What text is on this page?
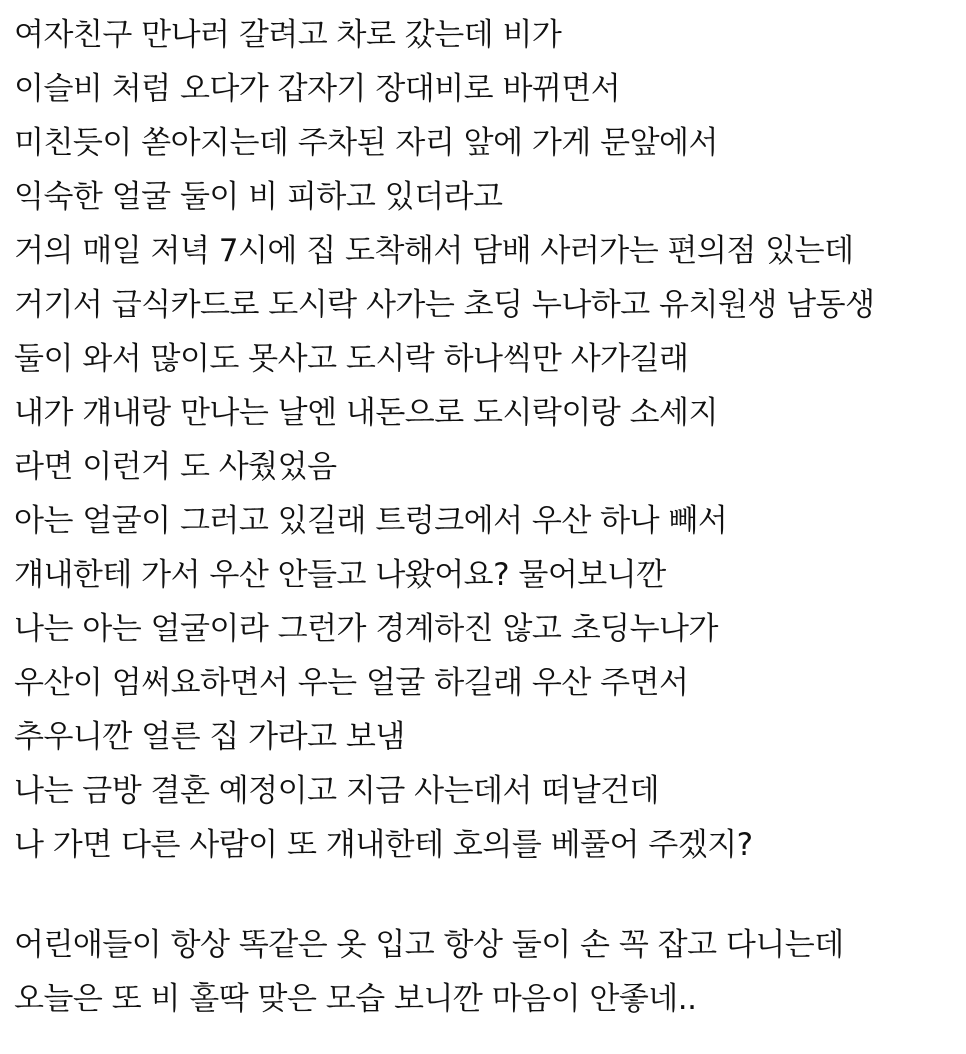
여자친구 만나러 갈려고 차로 갔는데 비가
이슬비 처럼 오다가 갑자기 장대비로 바뀌면서
미친듯이 쏟아지는데 주차된 자리 앞에 가게 문앞에서
익숙한 얼굴 둘이 비 피하고 있더라고
거의 매일 저녁 7시에 집 도착해서 담배 사러가는 편의점 있는데
거기서 급식카드로 도시락 사가는 초딩 누나하고 유치원생 남동생
둘이 와서 많이도 못사고 도시락 하나씩만 사가길래
내가 걔내랑 만나는 날엔 내돈으로 도시락이랑 소세지
라면 이런거 도 사줬었음
아는 얼굴이 그러고 있길래 트렁크에서 우산 하나 빼서
걔내한테 가서 우산 안들고 나왔어요? 물어보니깐
나는 아는 얼굴이라 그런가 경계하진 않고 초딩누나가
우산이 엄써요하면서 우는 얼굴 하길래 우산 주면서
추우니깐 얼른 집 가라고 보냄
나는 금방 결혼 예정이고 지금 사는데서 떠날건데
나 가면 다른 사람이 또 걔내한테 호의를 베풀어 주겠지?
어린애들이 항상 똑같은 옷 입고 항상 둘이 손 꼭 잡고 다니는데
오늘은 또 비 홀딱 맞은 모습 보니깐 마음이 안좋네..
